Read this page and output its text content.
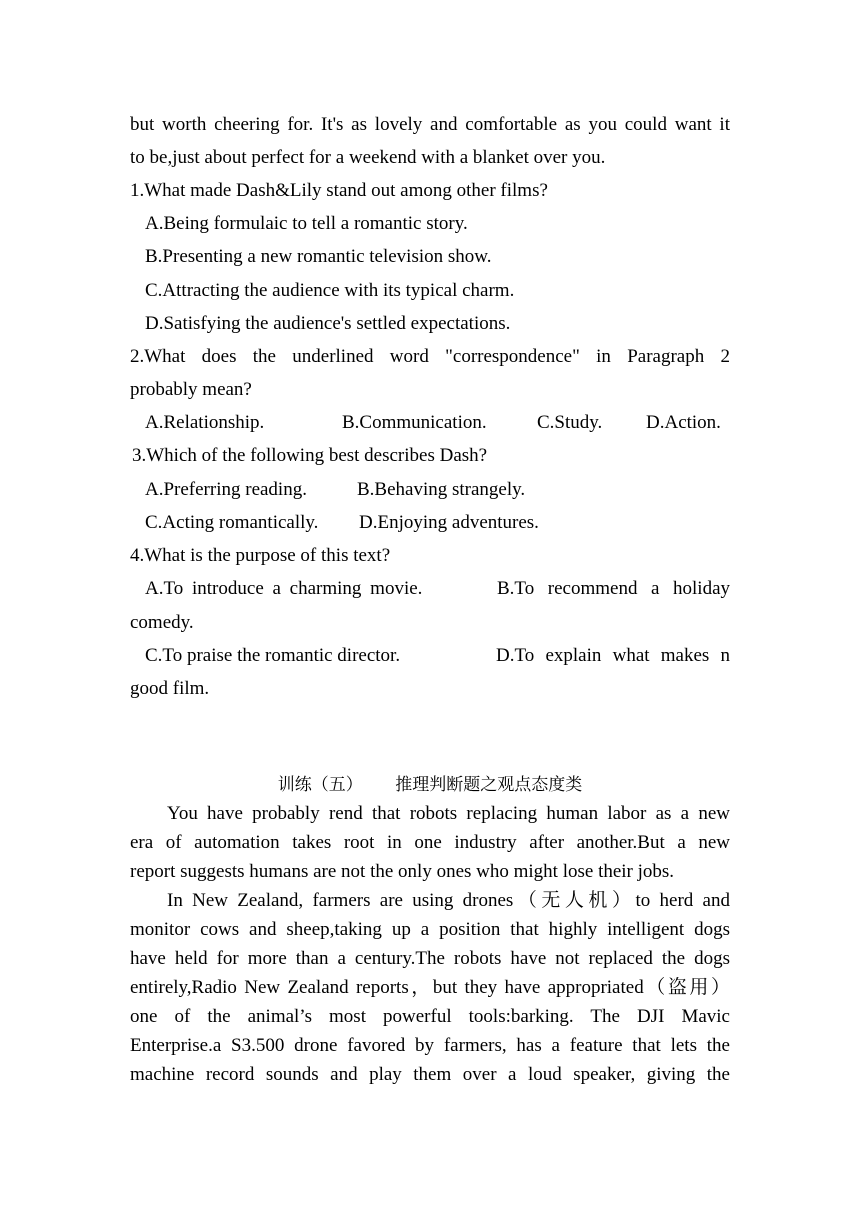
but worth cheering for. It's as lovely and comfortable as you could want it
to be,just about perfect for a weekend with a blanket over you.
1.What made Dash&Lily stand out among other films?
A.Being formulaic to tell a romantic story.
B.Presenting a new romantic television show.
C.Attracting the audience with its typical charm.
D.Satisfying the audience's settled expectations.
2.What does the underlined word "correspondence" in Paragraph 2
probably mean?
A.Relationship.	B.Communication.	C.Study. D.Action.
3.Which of the following best describes Dash?
A.Preferring reading.	B.Behaving strangely.
C.Acting romantically. D.Enjoying adventures.
4.What is the purpose of this text?
A.To introduce a charming movie.	B.To recommend a holiday
comedy.
C.To praise the romantic director.	D.To explain what makes n
good film.
训练（五）      推理判断题之观点态度类
You have probably rend that robots replacing human labor as a new
era of automation takes root in one industry after another.But a new
report suggests humans are not the only ones who might lose their jobs.
In New Zealand, farmers are using drones（无人机）to herd and
monitor cows and sheep,taking up a position that highly intelligent dogs
have held for more than a century.The robots have not replaced the dogs
entirely,Radio New Zealand reports，but they have appropriated（盗用）
one of the animal’s most powerful tools:barking. The DJI Mavic
Enterprise.a S3.500 drone favored by farmers, has a feature that lets the
machine record sounds and play them over a loud speaker, giving the
